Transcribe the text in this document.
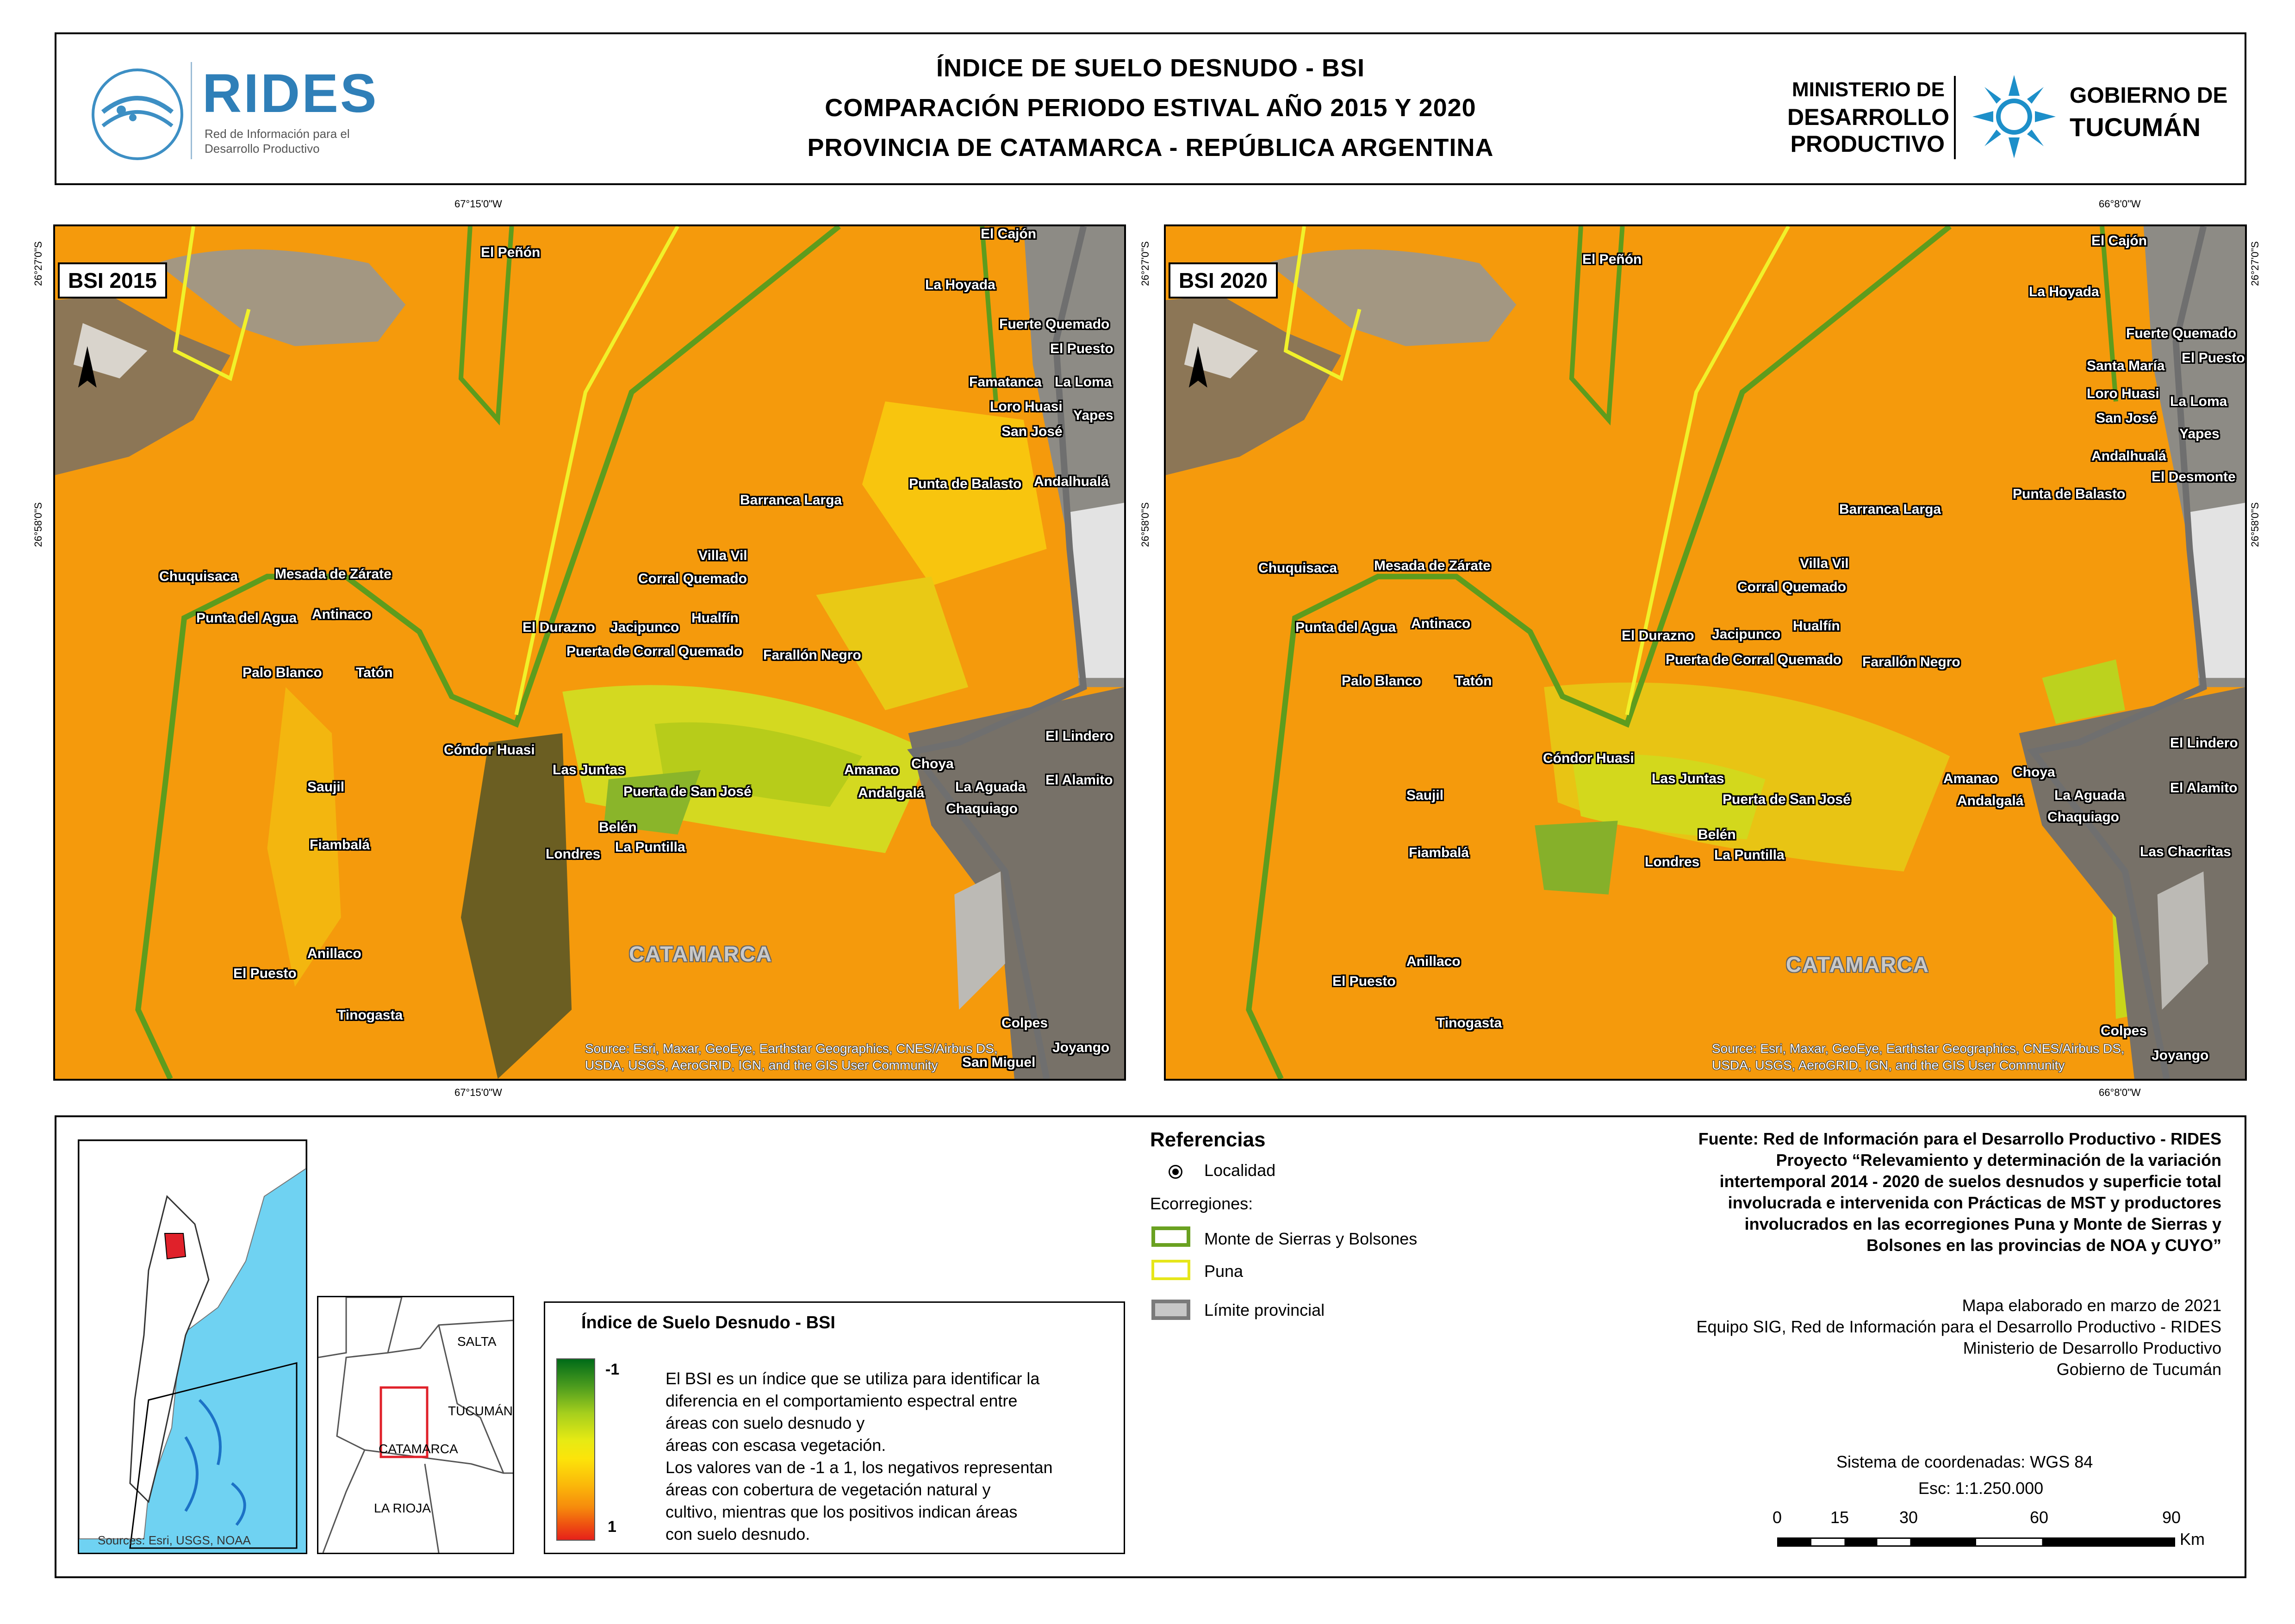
RIDES
Red de Información para el
Desarrollo Productivo
ÍNDICE DE SUELO DESNUDO - BSI
COMPARACIÓN PERIODO ESTIVAL AÑO 2015 Y 2020
PROVINCIA DE CATAMARCA - REPÚBLICA ARGENTINA
MINISTERIO DE
DESARROLLO
PRODUCTIVO
GOBIERNO DE
TUCUMÁN
67°15'0"W
67°15'0"W
26°27'0"S
26°58'0"S
BSI 2015
El Peñón
El Cajón
La Hoyada
Fuerte Quemado
El Puesto
Famatanca La Loma
Loro Huasi
Yapes
San José
Punta de Balasto Andalhualá
Barranca Larga
Villa Vil
Corral Quemado
Chuquisaca	Mesada de Zárate
Punta del Agua Antinaco	Hualfín
El Durazno Jacipunco
Puerta de Corral Quemado Farallón Negro
Palo Blanco Tatón
El Lindero
Cóndor Huasi
Las Juntas	Amanao Choya
El Alamito
Saujil	Puerta de San José	La Aguada
Andalgalá
Chaquiago
Belén
Londres La Puntilla
Fiambalá
Anillaco
El Puesto
Tinogasta
Colpes
Joyango
San Miguel
CATAMARCA
Source: Esri, Maxar, GeoEye, Earthstar Geographics, CNES/Airbus DS,
USDA, USGS, AeroGRID, IGN, and the GIS User Community
66°8'0"W
66°8'0"W
26°27'0"S
26°58'0"S
26°27'0"S
26°58'0"S
BSI 2020
El Peñón
El Cajón
La Hoyada
Fuerte Quemado
Santa María
El Puesto
Loro Huasi
La Loma
San José
Yapes
Andalhualá
El Desmonte
Punta de Balasto
Barranca Larga
Villa Vil
Chuquisaca	Mesada de Zárate
Corral Quemado
Punta del Agua Antinaco	Hualfín
El Durazno Jacipunco
Puerta de Corral Quemado Farallón Negro
Palo Blanco Tatón
El Lindero
Cóndor Huasi
Las Juntas	Amanao Choya
El Alamito
Saujil	Puerta de San José	La Aguada
Andalgalá
Chaquiago
Belén
Londres La Puntilla	Las Chacritas
Fiambalá
Anillaco
El Puesto
Tinogasta
Colpes
Joyango
CATAMARCA
Source: Esri, Maxar, GeoEye, Earthstar Geographics, CNES/Airbus DS,
USDA, USGS, AeroGRID, IGN, and the GIS User Community
Sources: Esri, USGS, NOAA
SALTA
TUCUMÁN
CATAMARCA
LA RIOJA
Índice de Suelo Desnudo - BSI
-1
1
El BSI es un índice que se utiliza para identificar la
diferencia en el comportamiento espectral entre
áreas con suelo desnudo y
áreas con escasa vegetación.
Los valores van de -1 a 1, los negativos representan
áreas con cobertura de vegetación natural y
cultivo, mientras que los positivos indican áreas
con suelo desnudo.
Referencias
Localidad
Ecorregiones:
Monte de Sierras y Bolsones
Puna
Límite provincial
Fuente: Red de Información para el Desarrollo Productivo - RIDES
Proyecto “Relevamiento y determinación de la variación
intertemporal 2014 - 2020 de suelos desnudos y superficie total
involucrada e intervenida con Prácticas de MST y productores
involucrados en las ecorregiones Puna y Monte de Sierras y
Bolsones en las provincias de NOA y CUYO”
Mapa elaborado en marzo de 2021
Equipo SIG, Red de Información para el Desarrollo Productivo - RIDES
Ministerio de Desarrollo Productivo
Gobierno de Tucumán
Sistema de coordenadas: WGS 84
Esc: 1:1.250.000
0	15	30	60	90
Km
